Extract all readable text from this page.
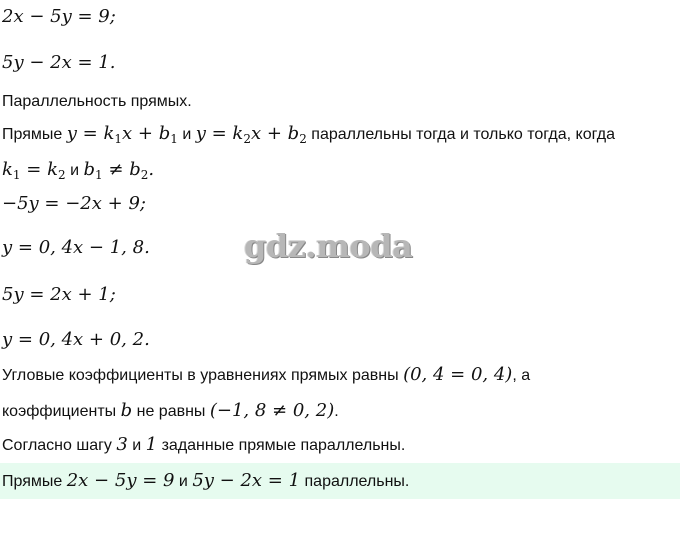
2x − 5y = 9;
5y − 2x = 1.
Параллельность прямых.
Прямые $y = k_1x + b_1$ и $y = k_2x + b_2$ параллельны тогда и только тогда, когда
$k_1 = k_2$ и $b_1 \ne b_2$.
−5y = −2x + 9;
y = 0, 4x − 1, 8.
5y = 2x + 1;
y = 0, 4x + 0, 2.
Угловые коэффициенты в уравнениях прямых равны (0, 4 = 0, 4), а
коэффициенты b не равны (−1, 8 ≠ 0, 2).
Согласно шагу 3 и 1 заданные прямые параллельны.
Прямые 2x − 5y = 9 и 5y − 2x = 1 параллельны.
gdz.moda
